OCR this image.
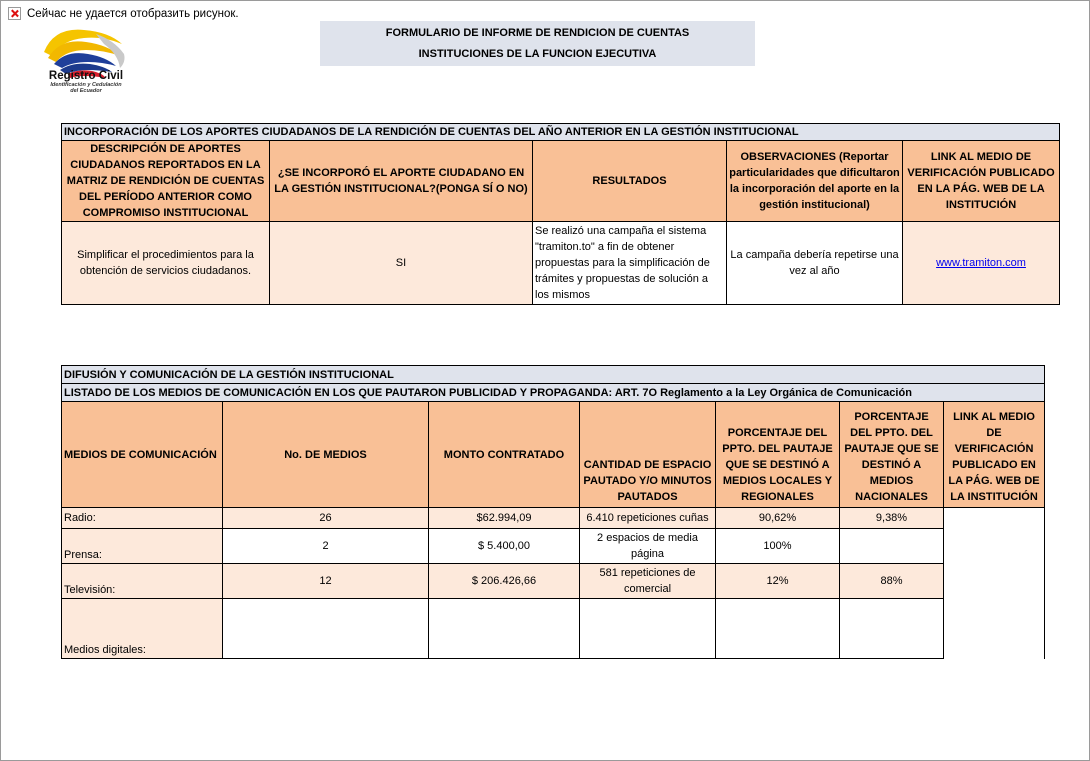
Сейчас не удается отобразить рисунок.
Registro Civil
Identificación y Cedulación
del Ecuador
FORMULARIO DE INFORME DE RENDICION DE CUENTAS
INSTITUCIONES DE LA FUNCION EJECUTIVA
INCORPORACIÓN DE LOS APORTES CIUDADANOS DE LA RENDICIÓN DE CUENTAS DEL AÑO ANTERIOR EN LA GESTIÓN INSTITUCIONAL				
DESCRIPCIÓN DE APORTES CIUDADANOS REPORTADOS EN LA MATRIZ DE RENDICIÓN DE CUENTAS DEL PERÍODO ANTERIOR COMO COMPROMISO INSTITUCIONAL	¿SE INCORPORÓ EL APORTE CIUDADANO EN LA GESTIÓN INSTITUCIONAL?(PONGA SÍ O NO)	RESULTADOS	OBSERVACIONES (Reportar particularidades que dificultaron la incorporación del aporte en la gestión institucional)	LINK AL MEDIO DE VERIFICACIÓN PUBLICADO EN LA PÁG. WEB DE LA INSTITUCIÓN
Simplificar el procedimientos para la obtención de servicios ciudadanos.	SI	Se realizó una campaña el sistema "tramiton.to" a fin de obtener propuestas para la simplificación de trámites y propuestas de solución a los mismos	La campaña debería repetirse una vez al año	www.tramiton.com
DIFUSIÓN Y COMUNICACIÓN DE LA GESTIÓN INSTITUCIONAL						
LISTADO DE LOS MEDIOS DE COMUNICACIÓN EN LOS QUE PAUTARON PUBLICIDAD Y PROPAGANDA: ART. 7O Reglamento a la Ley Orgánica de Comunicación						
MEDIOS DE COMUNICACIÓN	No. DE MEDIOS	MONTO CONTRATADO	CANTIDAD DE ESPACIO PAUTADO Y/O MINUTOS PAUTADOS	PORCENTAJE DEL PPTO. DEL PAUTAJE QUE SE DESTINÓ A MEDIOS LOCALES Y REGIONALES	PORCENTAJE DEL PPTO. DEL PAUTAJE QUE SE DESTINÓ A MEDIOS NACIONALES	LINK AL MEDIO DE VERIFICACIÓN PUBLICADO EN LA PÁG. WEB DE LA INSTITUCIÓN
Radio:	26	$62.994,09	6.410 repeticiones cuñas	90,62%	9,38%	
Prensa:	2	$ 5.400,00	2 espacios de media página	100%		
Televisión:	12	$ 206.426,66	581 repeticiones de comercial	12%	88%	
Medios digitales:						
